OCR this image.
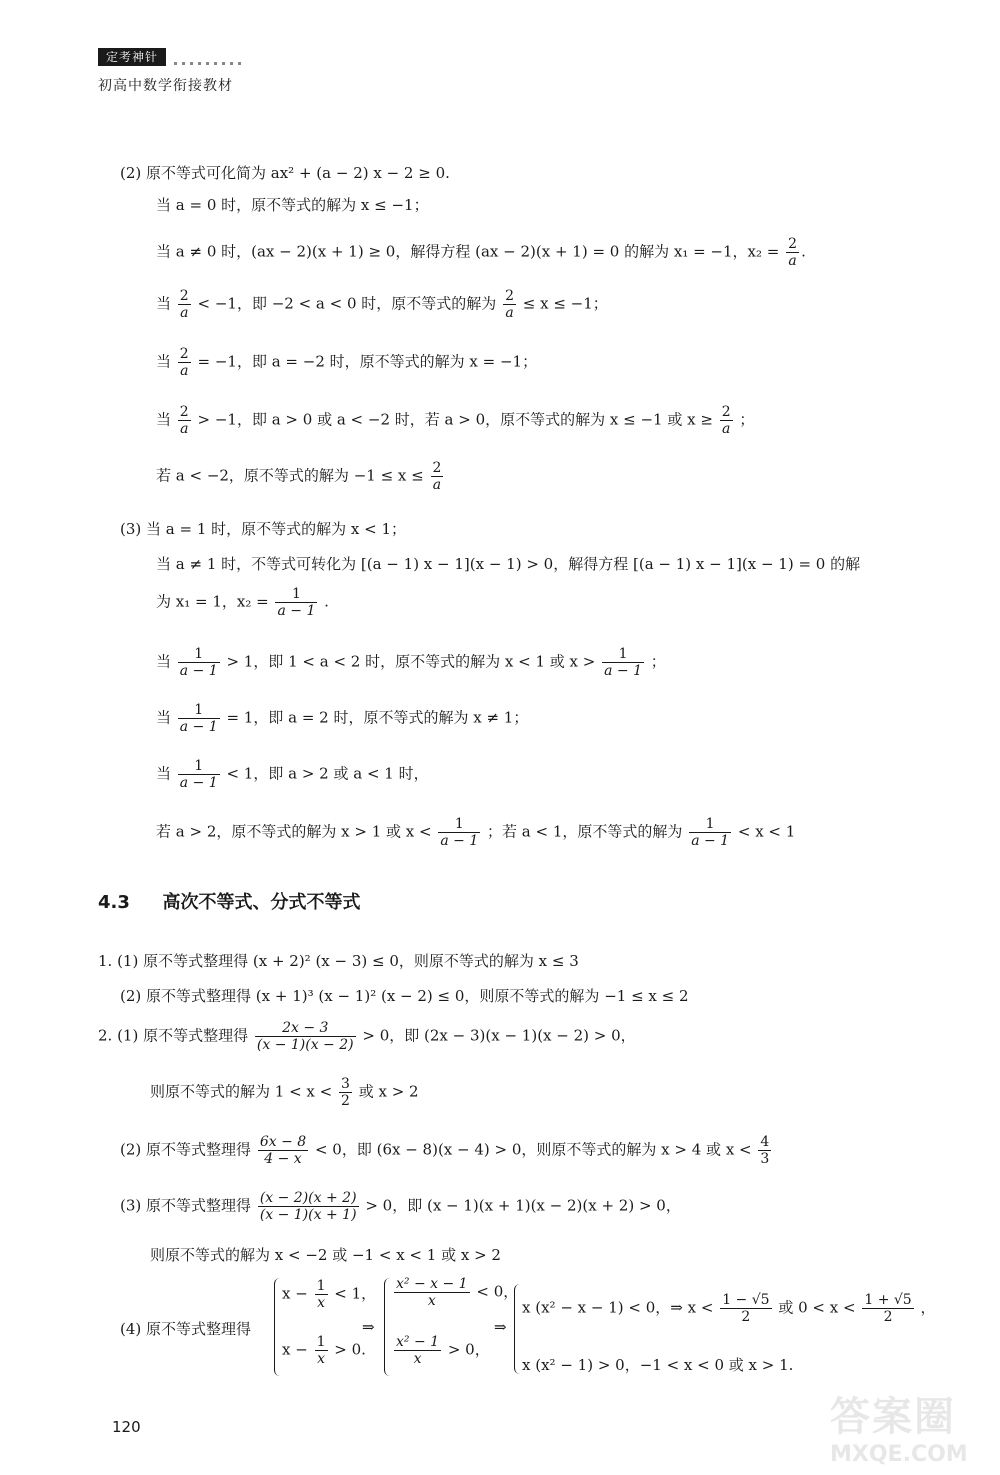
定考神针
初高中数学衔接教材
(2) 原不等式可化简为 ax² + (a − 2) x − 2 ≥ 0.
当 a = 0 时，原不等式的解为 x ≤ −1；
当 a ≠ 0 时，(ax − 2)(x + 1) ≥ 0，解得方程 (ax − 2)(x + 1) = 0 的解为 x₁ = −1，$x_2 = \frac{2}{a}$ .
当 $\frac{2}{a} < -1$，即 −2 < a < 0 时，原不等式的解为 $\frac{2}{a} \le x \le -1$；
当 $\frac{2}{a} = -1$，即 a = −2 时，原不等式的解为 x = −1；
当 $\frac{2}{a} > -1$，即 a > 0 或 a < −2 时，若 a > 0，原不等式的解为 x ≤ −1 或 $x \ge \frac{2}{a}$ ；
若 a < −2，原不等式的解为 $-1 \le x \le \frac{2}{a}$
(3) 当 a = 1 时，原不等式的解为 x < 1；
当 a ≠ 1 时，不等式可转化为 [(a − 1) x − 1](x − 1) > 0，解得方程 [(a − 1) x − 1](x − 1) = 0 的解
为 x₁ = 1，$x_2 = \frac{1}{a - 1}$ .
当 $\frac{1}{a - 1} > 1$，即 1 < a < 2 时，原不等式的解为 x < 1 或 $x > \frac{1}{a - 1}$ ；
当 $\frac{1}{a - 1} = 1$，即 a = 2 时，原不等式的解为 x ≠ 1；
当 $\frac{1}{a - 1} < 1$，即 a > 2 或 a < 1 时，
若 a > 2，原不等式的解为 x > 1 或 $x < \frac{1}{a - 1}$ ；若 a < 1，原不等式的解为 $\frac{1}{a - 1} < x < 1$
4.3 高次不等式、分式不等式
1. (1) 原不等式整理得 (x + 2)² (x − 3) ≤ 0，则原不等式的解为 x ≤ 3
(2) 原不等式整理得 (x + 1)³ (x − 1)² (x − 2) ≤ 0，则原不等式的解为 −1 ≤ x ≤ 2
2. (1) 原不等式整理得 $\frac{2x - 3}{(x - 1)(x - 2)} > 0$，即 (2x − 3)(x − 1)(x − 2) > 0，
则原不等式的解为 $1 < x < \frac{3}{2}$ 或 x > 2
(2) 原不等式整理得 $\frac{6x - 8}{4 - x} < 0$，即 (6x − 8)(x − 4) > 0，则原不等式的解为 x > 4 或 $x < \frac{4}{3}$
(3) 原不等式整理得 $\frac{(x - 2)(x + 2)}{(x - 1)(x + 1)} > 0$，即 (x − 1)(x + 1)(x − 2)(x + 2) > 0，
则原不等式的解为 x < −2 或 −1 < x < 1 或 x > 2
(4) 原不等式整理得
$x - \frac{1}{x} < 1$，
$x - \frac{1}{x} > 0$.
⇒
$\frac{\text{x² − x − 1}}{x} < 0$，
$\frac{\text{x² − 1}}{x} > 0$，
⇒
x (x² − x − 1) < 0，⇒ $x < \frac{1 - √5}{2}$ 或 $0 < x < \frac{1 + √5}{2}$ ，
x (x² − 1) > 0，−1 < x < 0 或 x > 1.
120	答案圈
MXQE.COM
